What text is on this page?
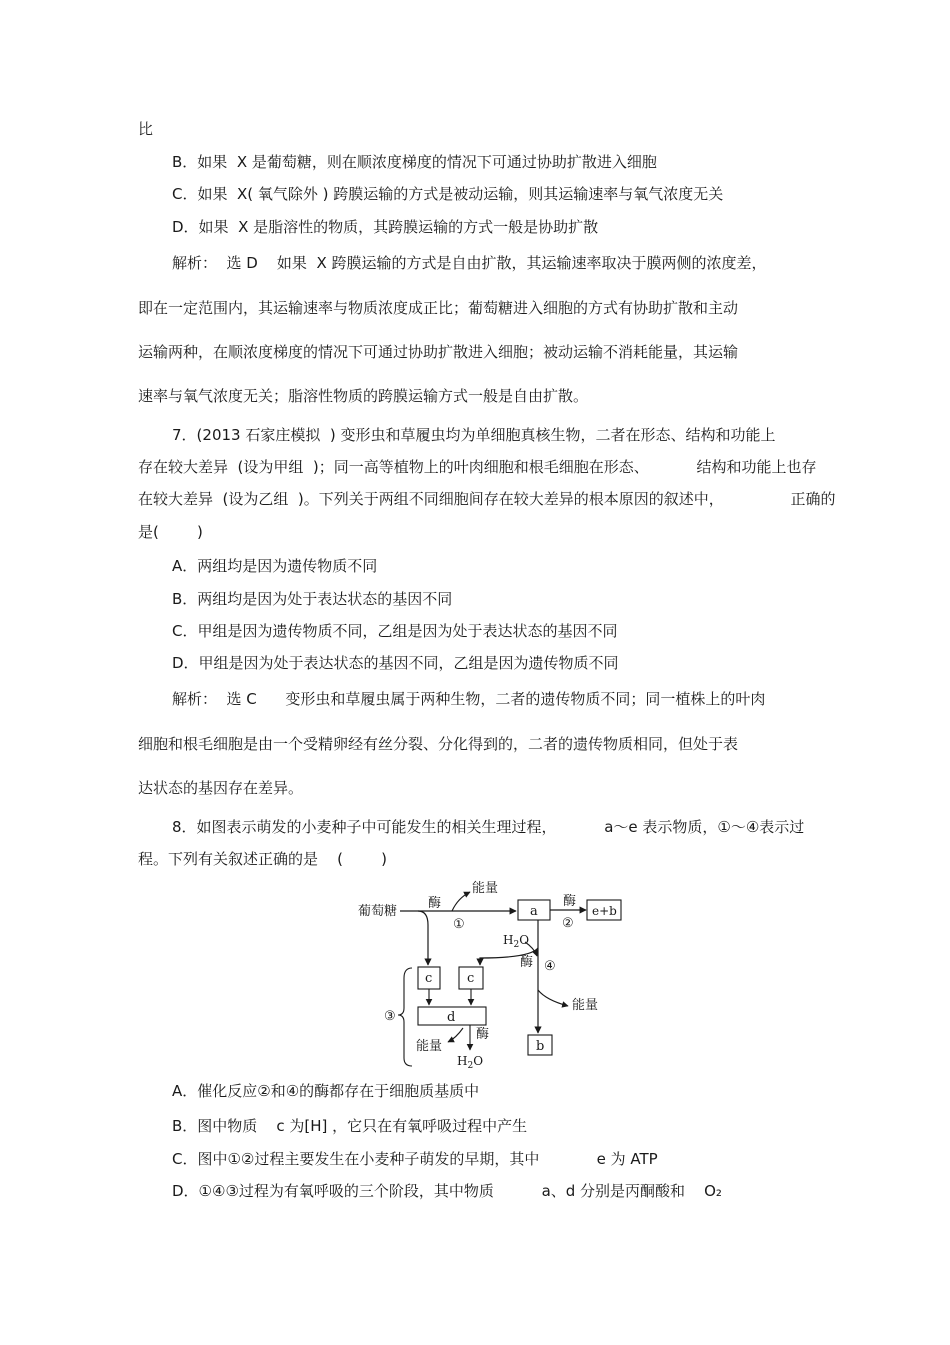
比
B．如果  X 是葡萄糖，则在顺浓度梯度的情况下可通过协助扩散进入细胞
C．如果  X( 氧气除外 ) 跨膜运输的方式是被动运输，则其运输速率与氧气浓度无关
D．如果  X 是脂溶性的物质，其跨膜运输的方式一般是协助扩散
解析：  选 D    如果  X 跨膜运输的方式是自由扩散，其运输速率取决于膜两侧的浓度差，
即在一定范围内，其运输速率与物质浓度成正比；葡萄糖进入细胞的方式有协助扩散和主动
运输两种，在顺浓度梯度的情况下可通过协助扩散进入细胞；被动运输不消耗能量，其运输
速率与氧气浓度无关；脂溶性物质的跨膜运输方式一般是自由扩散。
7．(2013 石家庄模拟  ) 变形虫和草履虫均为单细胞真核生物，二者在形态、结构和功能上
存在较大差异  (设为甲组  )；同一高等植物上的叶肉细胞和根毛细胞在形态、          结构和功能上也存
在较大差异  (设为乙组  )。下列关于两组不同细胞间存在较大差异的根本原因的叙述中，              正确的
是(        )
A．两组均是因为遗传物质不同
B．两组均是因为处于表达状态的基因不同
C．甲组是因为遗传物质不同，乙组是因为处于表达状态的基因不同
D．甲组是因为处于表达状态的基因不同，乙组是因为遗传物质不同
解析：  选 C      变形虫和草履虫属于两种生物，二者的遗传物质不同；同一植株上的叶肉
细胞和根毛细胞是由一个受精卵经有丝分裂、分化得到的，二者的遗传物质相同，但处于表
达状态的基因存在差异。
8．如图表示萌发的小麦种子中可能发生的相关生理过程，          a～e 表示物质，①～④表示过
程。下列有关叙述正确的是    (        )
A．催化反应②和④的酶都存在于细胞质基质中
B．图中物质    c 为[H] ，它只在有氧呼吸过程中产生
C．图中①②过程主要发生在小麦种子萌发的早期，其中            e 为 ATP
D．①④③过程为有氧呼吸的三个阶段，其中物质          a、d 分别是丙酮酸和    O₂
葡萄糖
酶
①
能量
a
酶
②
e+b
$H_2O$
酶 ④
能量
b
c	c
d
酶
$H_2O$
能量
③
